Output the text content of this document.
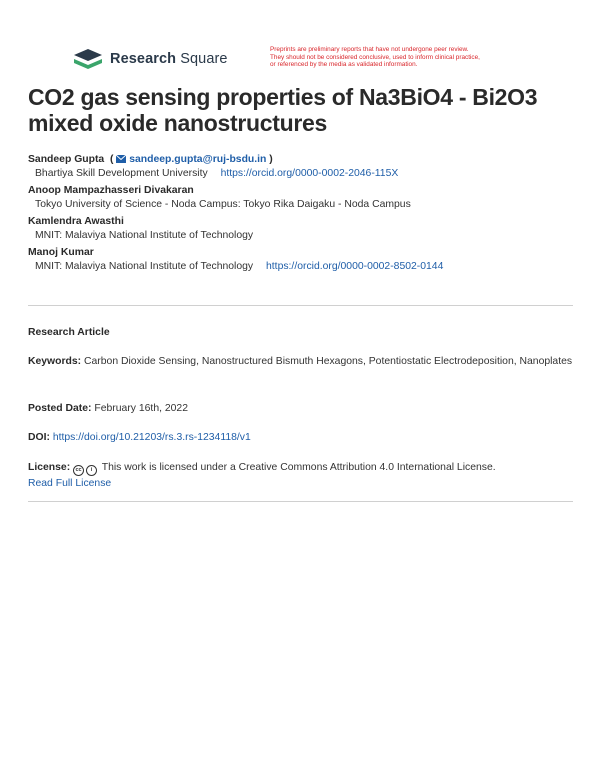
Research Square
Preprints are preliminary reports that have not undergone peer review.
They should not be considered conclusive, used to inform clinical practice,
or referenced by the media as validated information.
CO2 gas sensing properties of Na3BiO4 - Bi2O3
mixed oxide nanostructures
Sandeep Gupta ( sandeep.gupta@ruj-bsdu.in )
Bhartiya Skill Development University https://orcid.org/0000-0002-2046-115X
Anoop Mampazhasseri Divakaran
Tokyo University of Science - Noda Campus: Tokyo Rika Daigaku - Noda Campus
Kamlendra Awasthi
MNIT: Malaviya National Institute of Technology
Manoj Kumar
MNIT: Malaviya National Institute of Technology https://orcid.org/0000-0002-8502-0144
Research Article
Keywords: Carbon Dioxide Sensing, Nanostructured Bismuth Hexagons, Potentiostatic Electrodeposition, Nanoplates
Posted Date: February 16th, 2022
DOI: https://doi.org/10.21203/rs.3.rs-1234118/v1
License: cc i This work is licensed under a Creative Commons Attribution 4.0 International License.
Read Full License
